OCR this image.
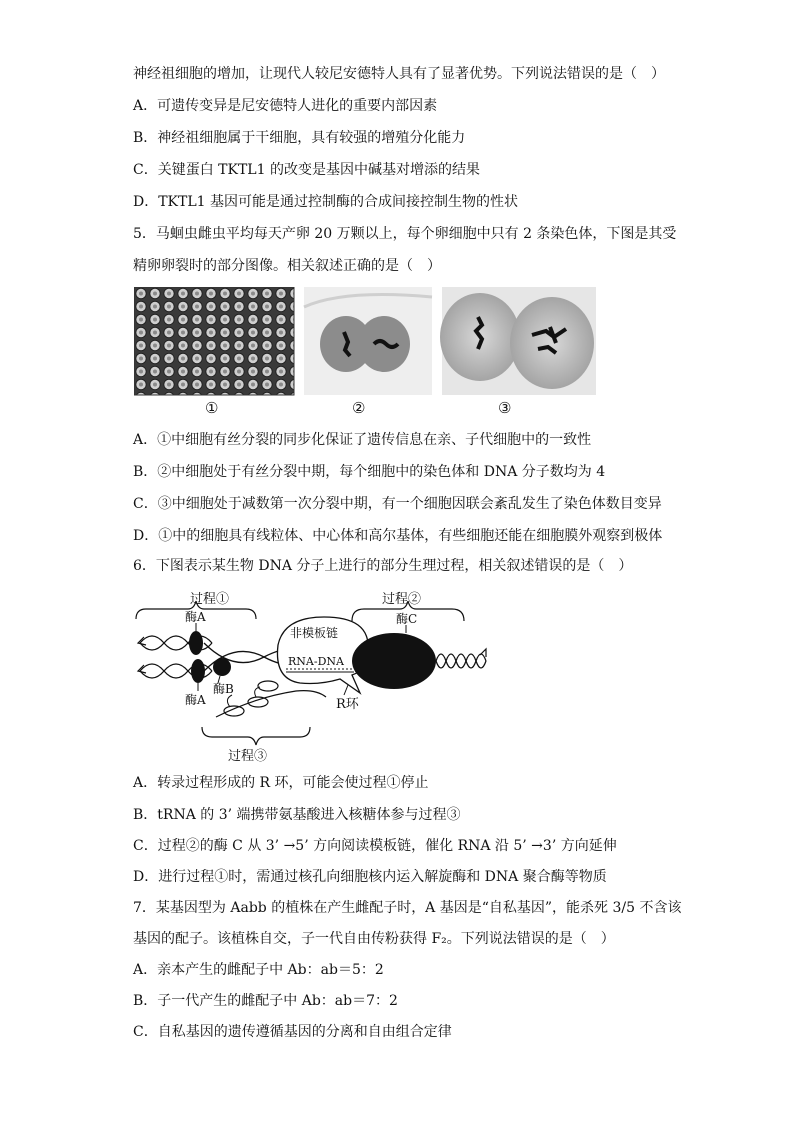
神经祖细胞的增加，让现代人较尼安德特人具有了显著优势。下列说法错误的是（　）
A．可遗传变异是尼安德特人进化的重要内部因素
B．神经祖细胞属于干细胞，具有较强的增殖分化能力
C．关键蛋白 TKTL1 的改变是基因中碱基对增添的结果
D．TKTL1 基因可能是通过控制酶的合成间接控制生物的性状
5．马蛔虫雌虫平均每天产卵 20 万颗以上，每个卵细胞中只有 2 条染色体，下图是其受
精卵卵裂时的部分图像。相关叙述正确的是（　）
①	②	③
A．①中细胞有丝分裂的同步化保证了遗传信息在亲、子代细胞中的一致性
B．②中细胞处于有丝分裂中期，每个细胞中的染色体和 DNA 分子数均为 4
C．③中细胞处于减数第一次分裂中期，有一个细胞因联会紊乱发生了染色体数目变异
D．①中的细胞具有线粒体、中心体和高尔基体，有些细胞还能在细胞膜外观察到极体
6．下图表示某生物 DNA 分子上进行的部分生理过程，相关叙述错误的是（　）
过程①	过程②
酶A
酶A
酶B
非模板链
RNA-DNA
R环
酶C
过程③
A．转录过程形成的 R 环，可能会使过程①停止
B．tRNA 的 3’ 端携带氨基酸进入核糖体参与过程③
C．过程②的酶 C 从 3’ →5’ 方向阅读模板链，催化 RNA 沿 5’ →3’ 方向延伸
D．进行过程①时，需通过核孔向细胞核内运入解旋酶和 DNA 聚合酶等物质
7．某基因型为 Aabb 的植株在产生雌配子时，A 基因是“自私基因”，能杀死 3/5 不含该
基因的配子。该植株自交，子一代自由传粉获得 F₂。下列说法错误的是（　）
A．亲本产生的雌配子中 Ab：ab＝5：2
B．子一代产生的雌配子中 Ab：ab＝7：2
C．自私基因的遗传遵循基因的分离和自由组合定律
